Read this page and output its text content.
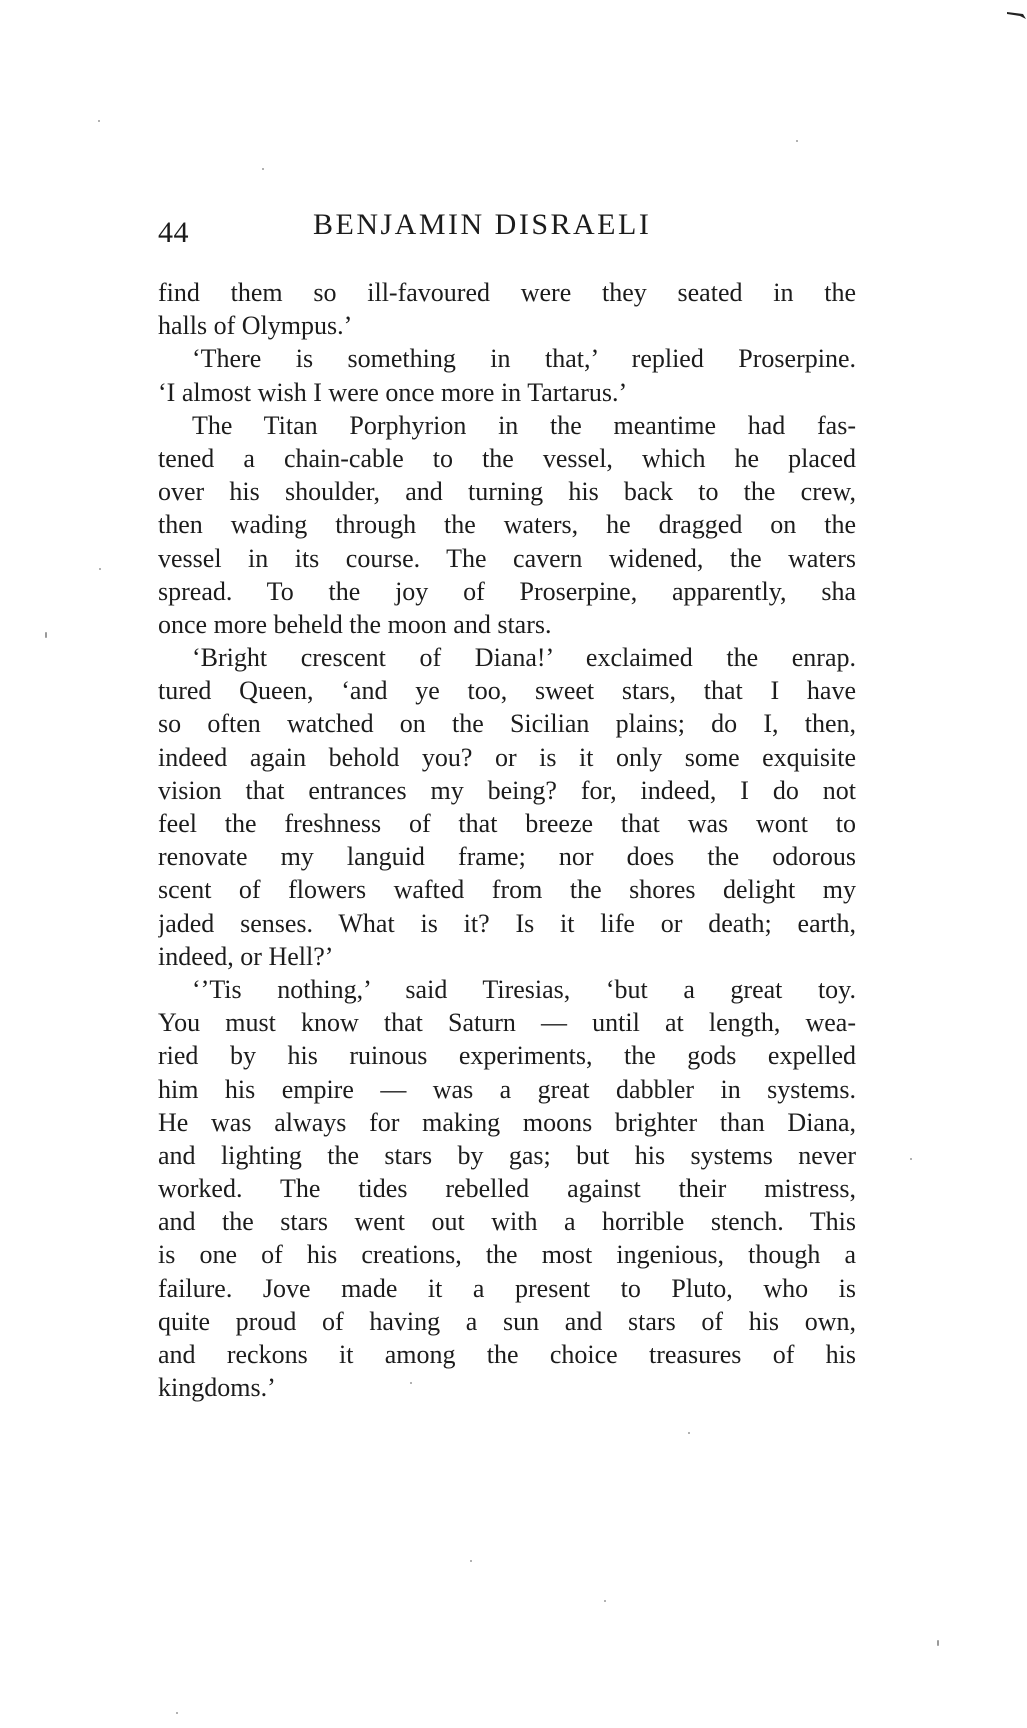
44	BENJAMIN DISRAELI
find them so ill-favoured were they seated in the
halls of Olympus.’
‘There is something in that,’ replied Proserpine.
‘I almost wish I were once more in Tartarus.’
The Titan Porphyrion in the meantime had fas-
tened a chain-cable to the vessel, which he placed
over his shoulder, and turning his back to the crew,
then wading through the waters, he dragged on the
vessel in its course. The cavern widened, the waters
spread. To the joy of Proserpine, apparently, sha
once more beheld the moon and stars.
‘Bright crescent of Diana!’ exclaimed the enrap.
tured Queen, ‘and ye too, sweet stars, that I have
so often watched on the Sicilian plains; do I, then,
indeed again behold you? or is it only some exquisite
vision that entrances my being? for, indeed, I do not
feel the freshness of that breeze that was wont to
renovate my languid frame; nor does the odorous
scent of flowers wafted from the shores delight my
jaded senses. What is it? Is it life or death; earth,
indeed, or Hell?’
‘’Tis nothing,’ said Tiresias, ‘but a great toy.
You must know that Saturn — until at length, wea-
ried by his ruinous experiments, the gods expelled
him his empire — was a great dabbler in systems.
He was always for making moons brighter than Diana,
and lighting the stars by gas; but his systems never
worked. The tides rebelled against their mistress,
and the stars went out with a horrible stench. This
is one of his creations, the most ingenious, though a
failure. Jove made it a present to Pluto, who is
quite proud of having a sun and stars of his own,
and reckons it among the choice treasures of his
kingdoms.’
